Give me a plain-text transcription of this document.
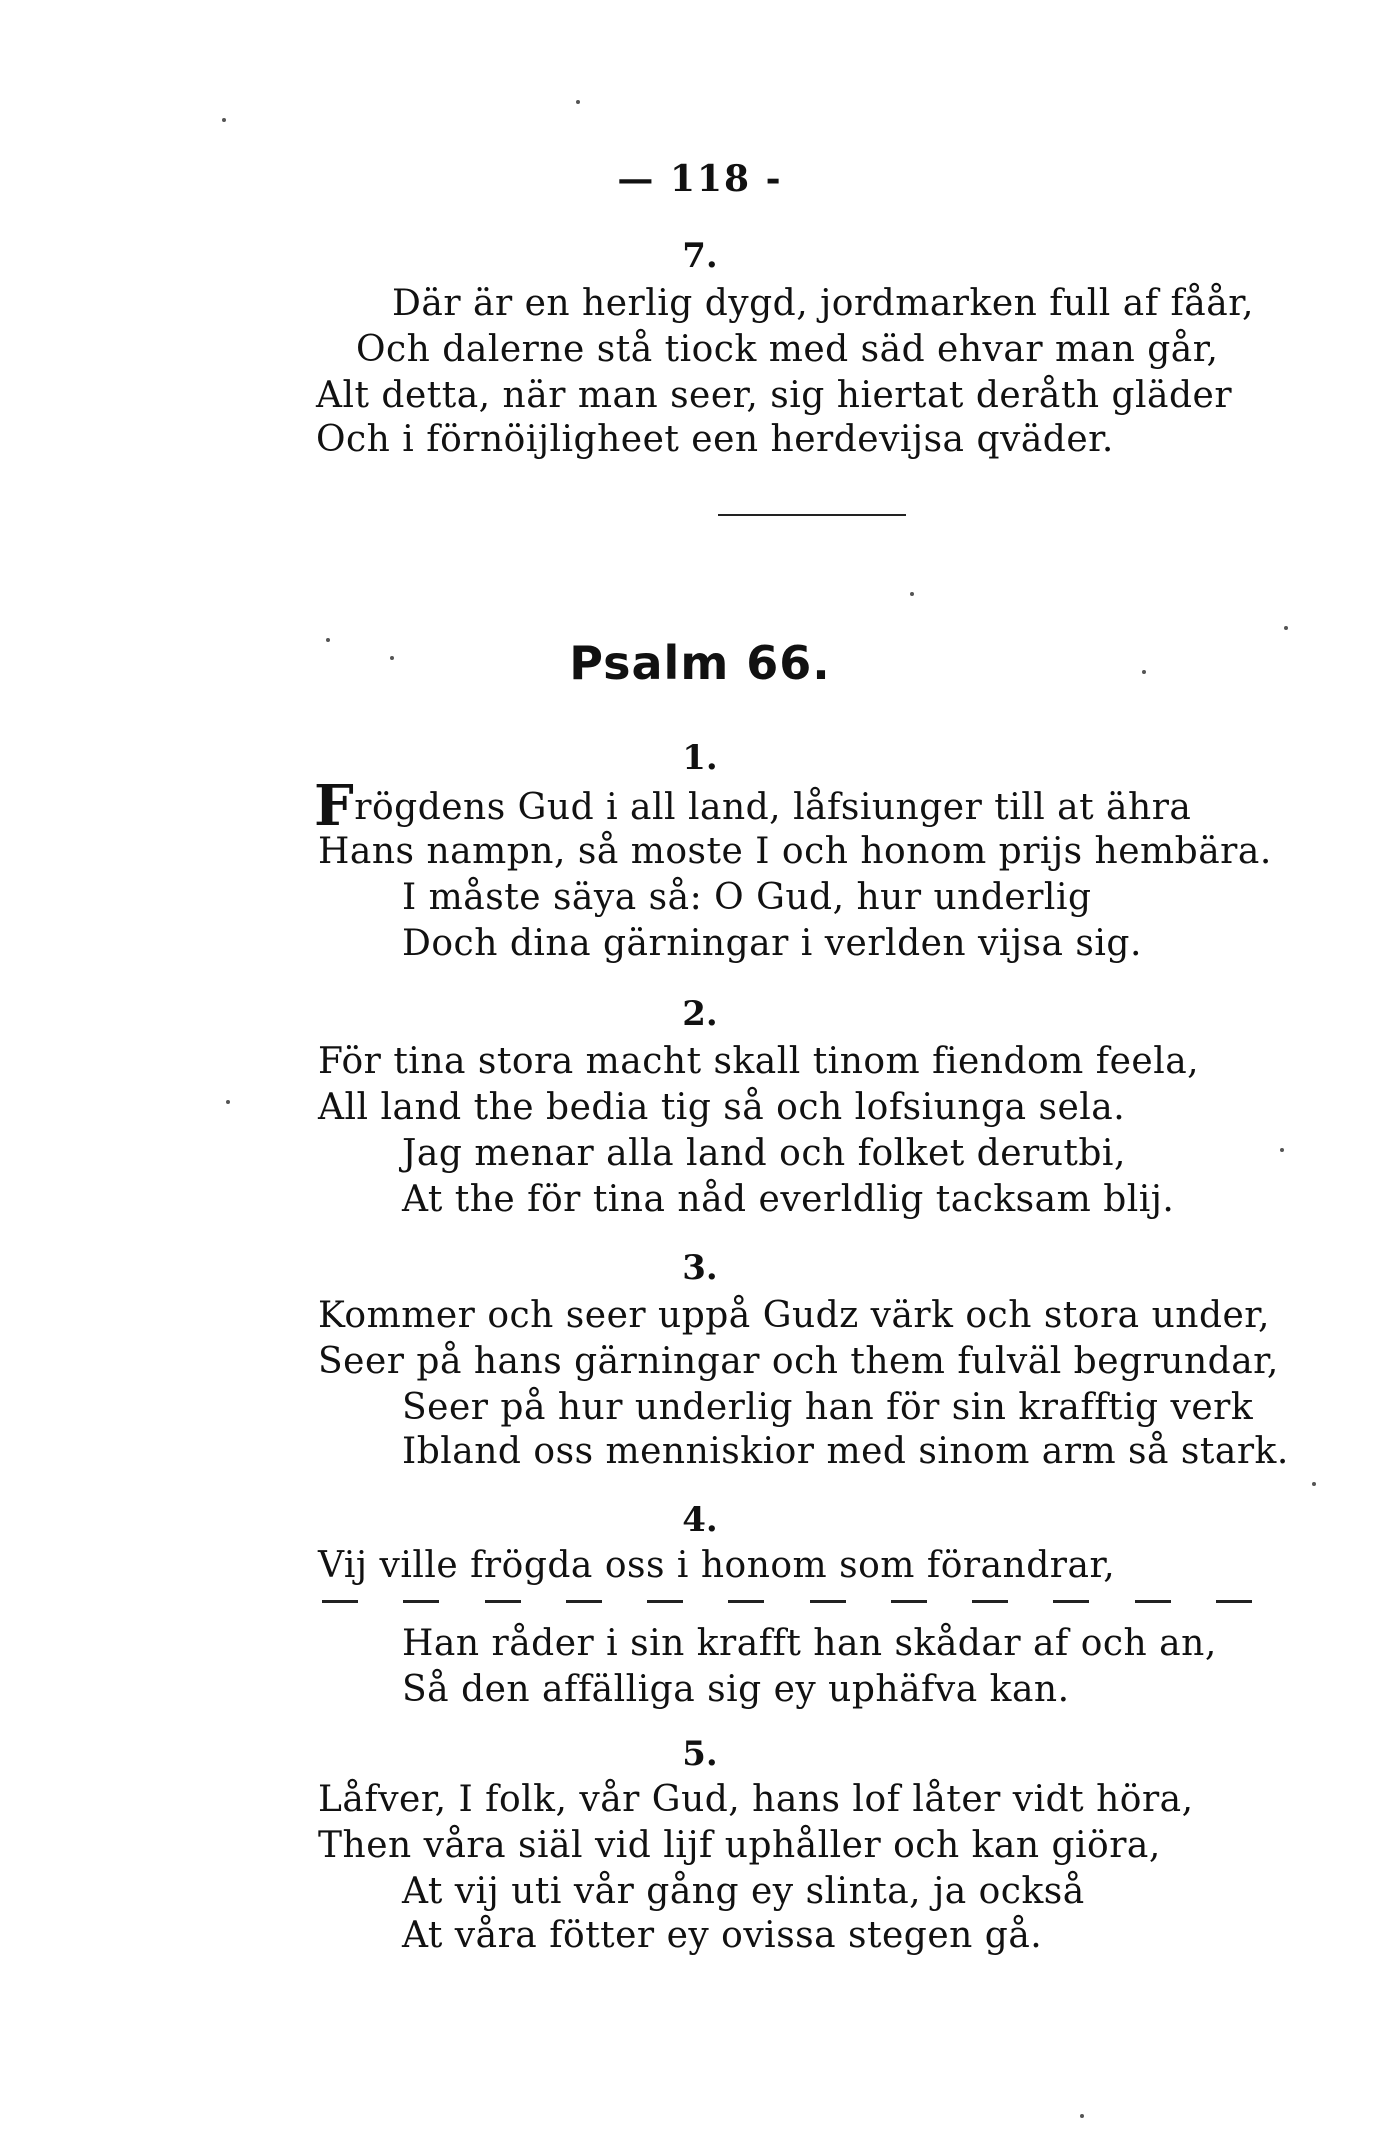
— 118 -
7.
Där är en herlig dygd, jordmarken full af fåår,
Och dalerne stå tiock med säd ehvar man går,
Alt detta, när man seer, sig hiertat deråth gläder
Och i förnöijligheet een herdevijsa qväder.
Psalm 66.
1.
Frögdens Gud i all land, låfsiunger till at ähra
Hans nampn, så moste I och honom prijs hembära.
I måste säya så: O Gud, hur underlig
Doch dina gärningar i verlden vijsa sig.
2.
För tina stora macht skall tinom fiendom feela,
All land the bedia tig så och lofsiunga sela.
Jag menar alla land och folket derutbi,
At the för tina nåd everldlig tacksam blij.
3.
Kommer och seer uppå Gudz värk och stora under,
Seer på hans gärningar och them fulväl begrundar,
Seer på hur underlig han för sin krafftig verk
Ibland oss menniskior med sinom arm så stark.
4.
Vij ville frögda oss i honom som förandrar,
Han råder i sin krafft han skådar af och an,
Så den affälliga sig ey uphäfva kan.
5.
Låfver, I folk, vår Gud, hans lof låter vidt höra,
Then våra siäl vid lijf uphåller och kan giöra,
At vij uti vår gång ey slinta, ja också
At våra fötter ey ovissa stegen gå.
